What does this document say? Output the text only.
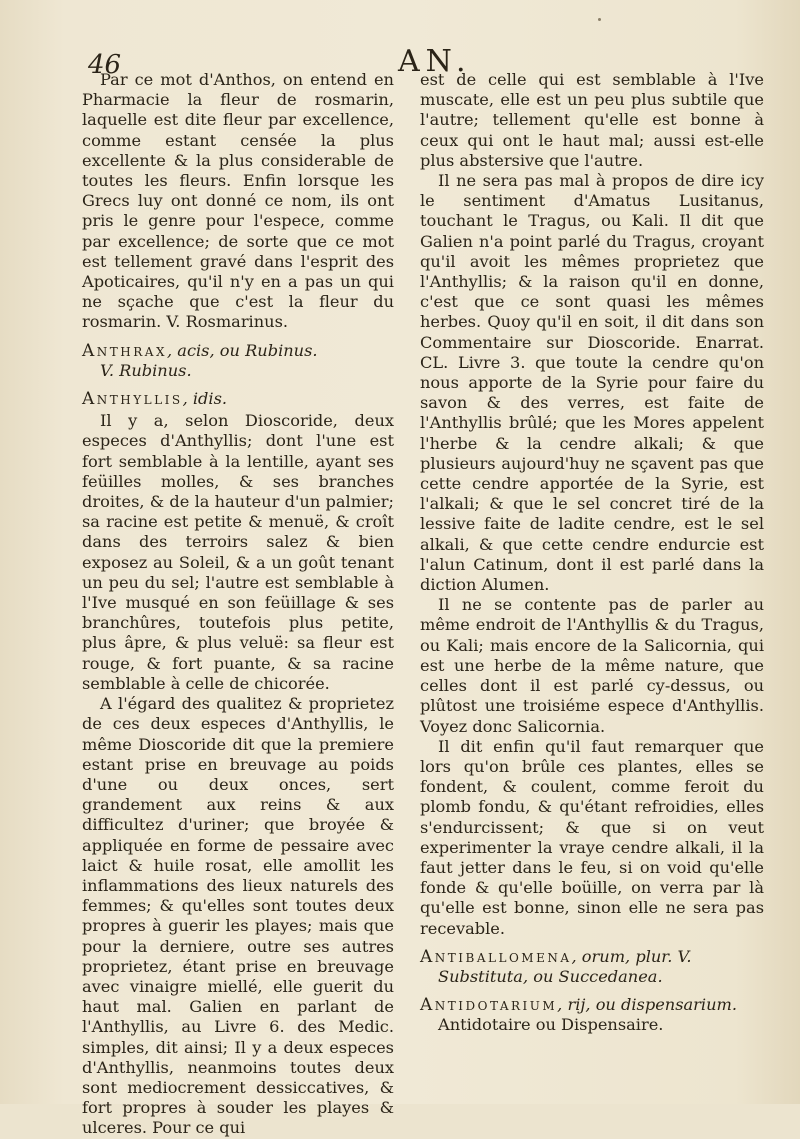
46	AN.

Par ce mot d'Anthos, on entend en Pharmacie la fleur de rosmarin, laquelle est dite fleur par excellence, comme estant censée la plus excellente & la plus considerable de toutes les fleurs. Enfin lorsque les Grecs luy ont donné ce nom, ils ont pris le genre pour l'espece, comme par excellence; de sorte que ce mot est tellement gravé dans l'esprit des Apoticaires, qu'il n'y en a pas un qui ne sçache que c'est la fleur du rosmarin. V. Rosmarinus.

Anthrax, acis, ou Rubinus.
V. Rubinus.
Anthyllis, idis.

Il y a, selon Dioscoride, deux especes d'Anthyllis; dont l'une est fort semblable à la lentille, ayant ses feüilles molles, & ses branches droites, & de la hauteur d'un palmier; sa racine est petite & menuë, & croît dans des terroirs salez & bien exposez au Soleil, & a un goût tenant un peu du sel; l'autre est semblable à l'Ive musqué en son feüillage & ses branchûres, toutefois plus petite, plus âpre, & plus veluë: sa fleur est rouge, & fort puante, & sa racine semblable à celle de chicorée.

A l'égard des qualitez & proprietez de ces deux especes d'Anthyllis, le même Dioscoride dit que la premiere estant prise en breuvage au poids d'une ou deux onces, sert grandement aux reins & aux difficultez d'uriner; que broyée & appliquée en forme de pessaire avec laict & huile rosat, elle amollit les inflammations des lieux naturels des femmes; & qu'elles sont toutes deux propres à guerir les playes; mais que pour la derniere, outre ses autres proprietez, étant prise en breuvage avec vinaigre miellé, elle guerit du haut mal. Galien en parlant de l'Anthyllis, au Livre 6. des Medic. simples, dit ainsi; Il y a deux especes d'Anthyllis, neanmoins toutes deux sont mediocrement dessiccatives, & fort propres à souder les playes & ulceres. Pour ce qui

est de celle qui est semblable à l'Ive muscate, elle est un peu plus subtile que l'autre; tellement qu'elle est bonne à ceux qui ont le haut mal; aussi est-elle plus abstersive que l'autre.

Il ne sera pas mal à propos de dire icy le sentiment d'Amatus Lusitanus, touchant le Tragus, ou Kali. Il dit que Galien n'a point parlé du Tragus, croyant qu'il avoit les mêmes proprietez que l'Anthyllis; & la raison qu'il en donne, c'est que ce sont quasi les mêmes herbes. Quoy qu'il en soit, il dit dans son Commentaire sur Dioscoride. Enarrat. CL. Livre 3. que toute la cendre qu'on nous apporte de la Syrie pour faire du savon & des verres, est faite de l'Anthyllis brûlé; que les Mores appelent l'herbe & la cendre alkali; & que plusieurs aujourd'huy ne sçavent pas que cette cendre apportée de la Syrie, est l'alkali; & que le sel concret tiré de la lessive faite de ladite cendre, est le sel alkali, & que cette cendre endurcie est l'alun Catinum, dont il est parlé dans la diction Alumen.

Il ne se contente pas de parler au même endroit de l'Anthyllis & du Tragus, ou Kali; mais encore de la Salicornia, qui est une herbe de la même nature, que celles dont il est parlé cy-dessus, ou plûtost une troisiéme espece d'Anthyllis. Voyez donc Salicornia.

Il dit enfin qu'il faut remarquer que lors qu'on brûle ces plantes, elles se fondent, & coulent, comme feroit du plomb fondu, & qu'étant refroidies, elles s'endurcissent; & que si on veut experimenter la vraye cendre alkali, il la faut jetter dans le feu, si on void qu'elle fonde & qu'elle boüille, on verra par là qu'elle est bonne, sinon elle ne sera pas recevable.

Antiballomena, orum, plur. V.
Substituta, ou Succedanea.
Antidotarium, rij, ou dispensarium.
Antidotaire ou Dispensaire.
